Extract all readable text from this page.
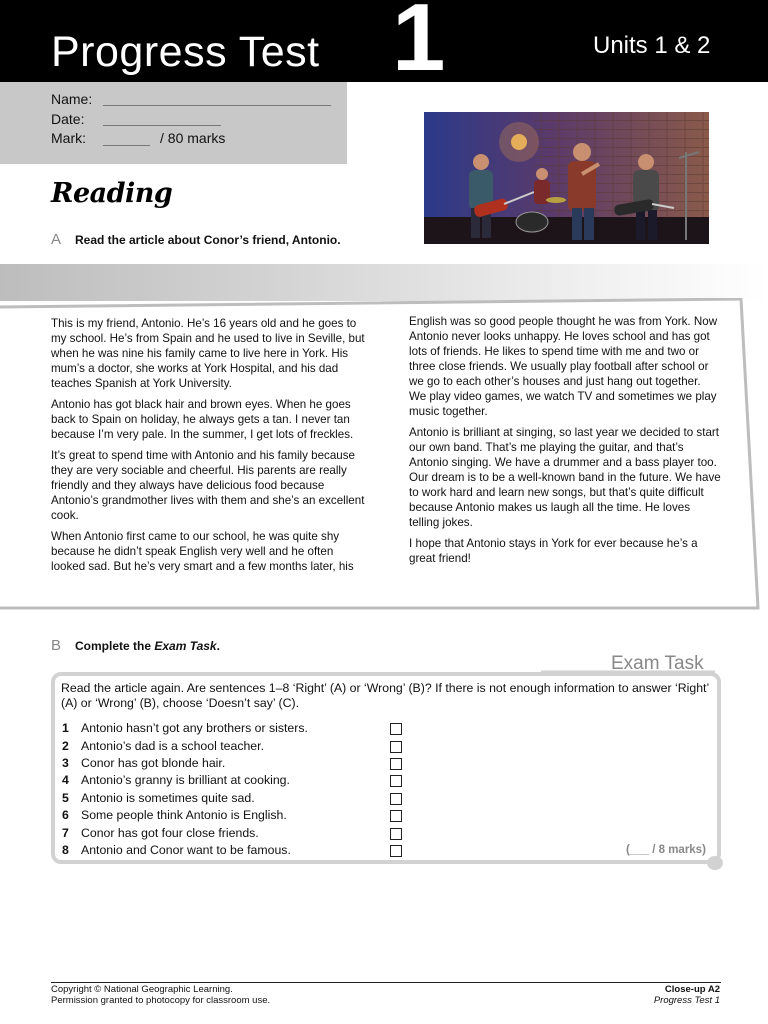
Progress Test 1	Units 1 & 2
Name:
Date:
Mark:	/ 80 marks
Reading
A Read the article about Conor’s friend, Antonio.

This is my friend, Antonio. He’s 16 years old and he goes to my school. He’s from Spain and he used to live in Seville, but when he was nine his family came to live here in York. His mum’s a doctor, she works at York Hospital, and his dad teaches Spanish at York University.

Antonio has got black hair and brown eyes. When he goes back to Spain on holiday, he always gets a tan. I never tan because I’m very pale. In the summer, I get lots of freckles.

It’s great to spend time with Antonio and his family because they are very sociable and cheerful. His parents are really friendly and they always have delicious food because Antonio’s grandmother lives with them and she’s an excellent cook.

When Antonio first came to our school, he was quite shy because he didn’t speak English very well and he often looked sad. But he’s very smart and a few months later, his

English was so good people thought he was from York. Now Antonio never looks unhappy. He loves school and has got lots of friends. He likes to spend time with me and two or three close friends. We usually play football after school or we go to each other’s houses and just hang out together.

We play video games, we watch TV and sometimes we play music together.

Antonio is brilliant at singing, so last year we decided to start our own band. That’s me playing the guitar, and that’s Antonio singing. We have a drummer and a bass player too. Our dream is to be a well-known band in the future. We have to work hard and learn new songs, but that’s quite difficult because Antonio makes us laugh all the time. He loves telling jokes.

I hope that Antonio stays in York for ever because he’s a great friend!

B Complete the Exam Task.
Exam Task
Read the article again. Are sentences 1–8 ‘Right’ (A) or ‘Wrong’ (B)? If there is not enough information to answer ‘Right’ (A) or ‘Wrong’ (B), choose ‘Doesn’t say’ (C).
1 Antonio hasn’t got any brothers or sisters.
2 Antonio’s dad is a school teacher.
3 Conor has got blonde hair.
4 Antonio’s granny is brilliant at cooking.
5 Antonio is sometimes quite sad.
6 Some people think Antonio is English.
7 Conor has got four close friends.
8 Antonio and Conor want to be famous.	(___ / 8 marks)
Copyright © National Geographic Learning.
Permission granted to photocopy for classroom use.
Close-up A2
Progress Test 1
